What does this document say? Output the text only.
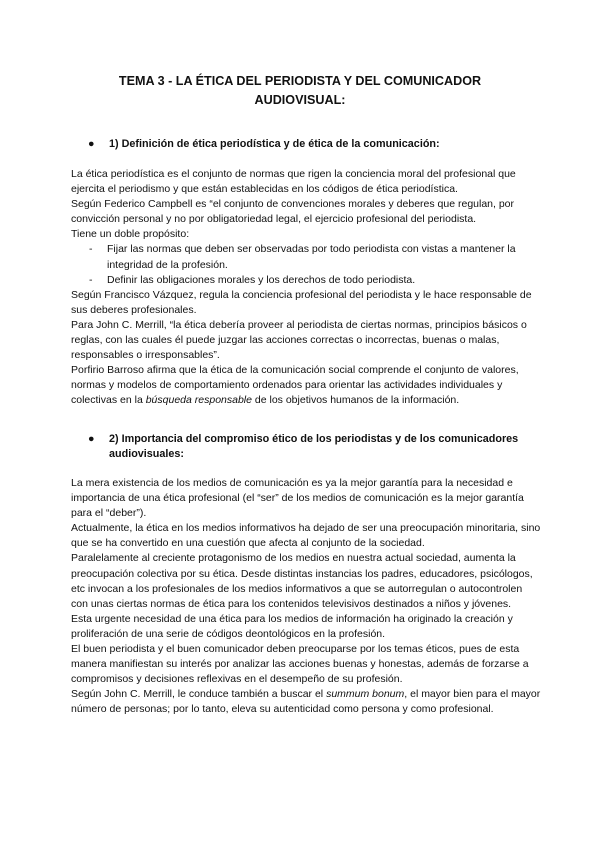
TEMA 3 - LA ÉTICA DEL PERIODISTA Y DEL COMUNICADOR
AUDIOVISUAL:
●	1) Definición de ética periodística y de ética de la comunicación:

La ética periodística es el conjunto de normas que rigen la conciencia moral del profesional que ejercita el periodismo y que están establecidas en los códigos de ética periodística.

Según Federico Campbell es “el conjunto de convenciones morales y deberes que regulan, por convicción personal y no por obligatoriedad legal, el ejercicio profesional del periodista.

Tiene un doble propósito:

- Fijar las normas que deben ser observadas por todo periodista con vistas a mantener la integridad de la profesión.

- Definir las obligaciones morales y los derechos de todo periodista.

Según Francisco Vázquez, regula la conciencia profesional del periodista y le hace responsable de sus deberes profesionales.

Para John C. Merrill, “la ética debería proveer al periodista de ciertas normas, principios básicos o reglas, con las cuales él puede juzgar las acciones correctas o incorrectas, buenas o malas, responsables o irresponsables”.

Porfirio Barroso afirma que la ética de la comunicación social comprende el conjunto de valores, normas y modelos de comportamiento ordenados para orientar las actividades individuales y colectivas en la búsqueda responsable de los objetivos humanos de la información.

●	2) Importancia del compromiso ético de los periodistas y de los comunicadores audiovisuales:

La mera existencia de los medios de comunicación es ya la mejor garantía para la necesidad e importancia de una ética profesional (el “ser” de los medios de comunicación es la mejor garantía para el “deber”).

Actualmente, la ética en los medios informativos ha dejado de ser una preocupación minoritaria, sino que se ha convertido en una cuestión que afecta al conjunto de la sociedad.

Paralelamente al creciente protagonismo de los medios en nuestra actual sociedad, aumenta la preocupación colectiva por su ética. Desde distintas instancias los padres, educadores, psicólogos, etc invocan a los profesionales de los medios informativos a que se autorregulan o autocontrolen con unas ciertas normas de ética para los contenidos televisivos destinados a niños y jóvenes.

Esta urgente necesidad de una ética para los medios de información ha originado la creación y proliferación de una serie de códigos deontológicos en la profesión.

El buen periodista y el buen comunicador deben preocuparse por los temas éticos, pues de esta manera manifiestan su interés por analizar las acciones buenas y honestas, además de forzarse a compromisos y decisiones reflexivas en el desempeño de su profesión.

Según John C. Merrill, le conduce también a buscar el summum bonum, el mayor bien para el mayor número de personas; por lo tanto, eleva su autenticidad como persona y como profesional.
